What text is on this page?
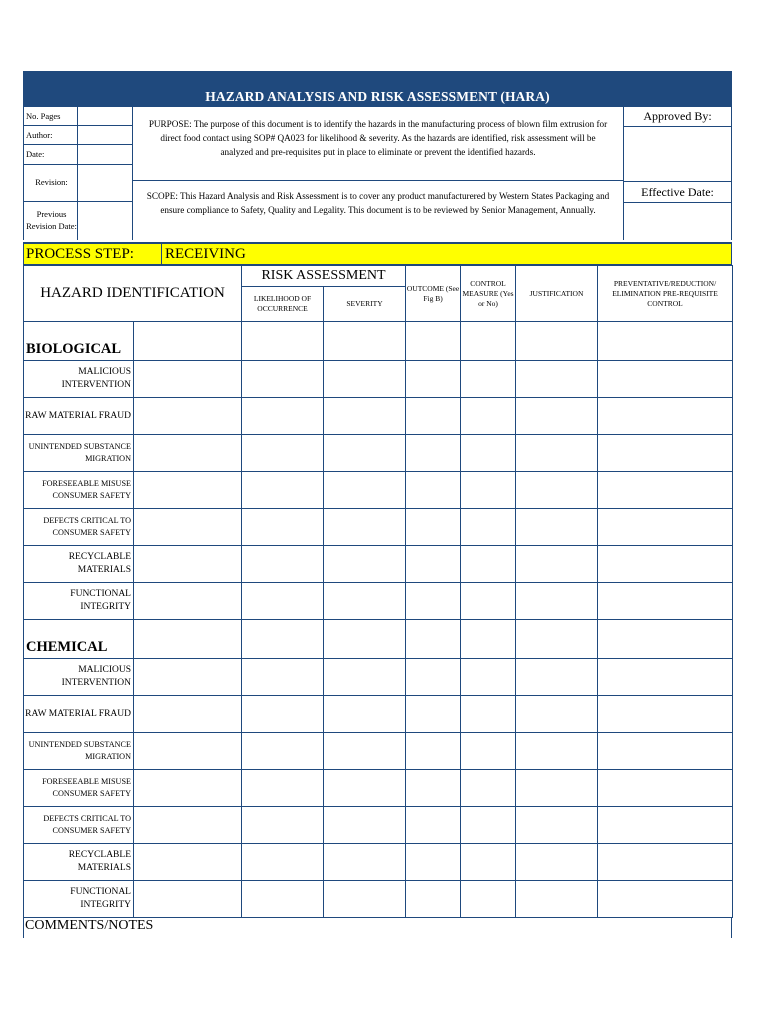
HAZARD ANALYSIS AND RISK ASSESSMENT (HARA)
No. Pages
Author:
Date:
Revision:
Previous Revision Date:
PURPOSE: The purpose of this document is to identify the hazards in the manufacturing process of blown film extrusion for direct food contact using SOP# QA023 for likelihood & severity. As the hazards are identified, risk assessment will be analyzed and pre-requisites put in place to eliminate or prevent the identified hazards.
SCOPE: This Hazard Analysis and Risk Assessment is to cover any product manufacturered by Western States Packaging and ensure compliance to Safety, Quality and Legality. This document is to be reviewed by Senior Management, Annually.
Approved By:
Effective Date:
PROCESS STEP:	RECEIVING
HAZARD IDENTIFICATION		RISK ASSESSMENT		OUTCOME (See Fig B)	CONTROL MEASURE (Yes or No)	JUSTIFICATION	PREVENTATIVE/REDUCTION/ ELIMINATION PRE-REQUISITE CONTROL
		LIKELIHOOD OF OCCURRENCE	SEVERITY				
BIOLOGICAL							
MALICIOUS INTERVENTION							
RAW MATERIAL FRAUD							
UNINTENDED SUBSTANCE MIGRATION							
FORESEEABLE MISUSE CONSUMER SAFETY							
DEFECTS CRITICAL TO CONSUMER SAFETY							
RECYCLABLE MATERIALS							
FUNCTIONAL INTEGRITY							
CHEMICAL							
MALICIOUS INTERVENTION							
RAW MATERIAL FRAUD							
UNINTENDED SUBSTANCE MIGRATION							
FORESEEABLE MISUSE CONSUMER SAFETY							
DEFECTS CRITICAL TO CONSUMER SAFETY							
RECYCLABLE MATERIALS							
FUNCTIONAL INTEGRITY							
COMMENTS/NOTES
